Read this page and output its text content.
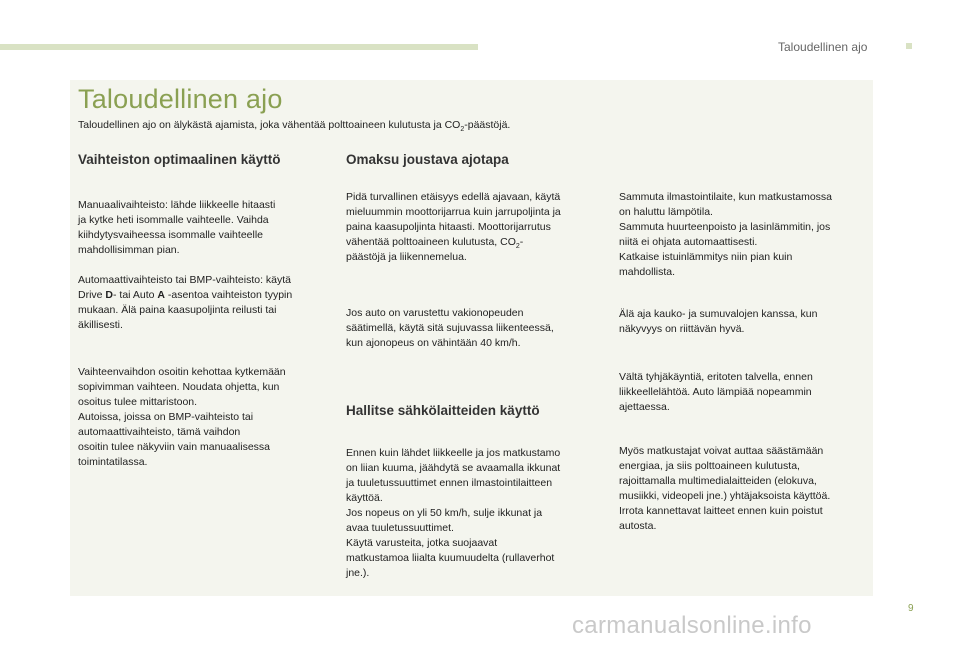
Taloudellinen ajo
Taloudellinen ajo
Taloudellinen ajo on älykästä ajamista, joka vähentää polttoaineen kulutusta ja $CO_2$-päästöjä.
Vaihteiston optimaalinen käyttö
Manuaalivaihteisto: lähde liikkeelle hitaasti
ja kytke heti isommalle vaihteelle. Vaihda
kiihdytysvaiheessa isommalle vaihteelle
mahdollisimman pian.
Automaattivaihteisto tai BMP-vaihteisto: käytä
Drive D- tai Auto A -asentoa vaihteiston tyypin
mukaan. Älä paina kaasupoljinta reilusti tai
äkillisesti.
Vaihteenvaihdon osoitin kehottaa kytkemään
sopivimman vaihteen. Noudata ohjetta, kun
osoitus tulee mittaristoon.
Autoissa, joissa on BMP-vaihteisto tai
automaattivaihteisto, tämä vaihdon
osoitin tulee näkyviin vain manuaalisessa
toimintatilassa.
Omaksu joustava ajotapa
Pidä turvallinen etäisyys edellä ajavaan, käytä
mieluummin moottorijarrua kuin jarrupoljinta ja
paina kaasupoljinta hitaasti. Moottorijarrutus
vähentää polttoaineen kulutusta, $CO_2-$
päästöjä ja liikennemelua.
Jos auto on varustettu vakionopeuden
säätimellä, käytä sitä sujuvassa liikenteessä,
kun ajonopeus on vähintään 40 km/h.
Hallitse sähkölaitteiden käyttö
Ennen kuin lähdet liikkeelle ja jos matkustamo
on liian kuuma, jäähdytä se avaamalla ikkunat
ja tuuletussuuttimet ennen ilmastointilaitteen
käyttöä.
Jos nopeus on yli 50 km/h, sulje ikkunat ja
avaa tuuletussuuttimet.
Käytä varusteita, jotka suojaavat
matkustamoa liialta kuumuudelta (rullaverhot
jne.).
Sammuta ilmastointilaite, kun matkustamossa
on haluttu lämpötila.
Sammuta huurteenpoisto ja lasinlämmitin, jos
niitä ei ohjata automaattisesti.
Katkaise istuinlämmitys niin pian kuin
mahdollista.
Älä aja kauko- ja sumuvalojen kanssa, kun
näkyvyys on riittävän hyvä.
Vältä tyhjäkäyntiä, eritoten talvella, ennen
liikkeellelähtöä. Auto lämpiää nopeammin
ajettaessa.
Myös matkustajat voivat auttaa säästämään
energiaa, ja siis polttoaineen kulutusta,
rajoittamalla multimedialaitteiden (elokuva,
musiikki, videopeli jne.) yhtäjaksoista käyttöä.
Irrota kannettavat laitteet ennen kuin poistut
autosta.
9
carmanualsonline.info
